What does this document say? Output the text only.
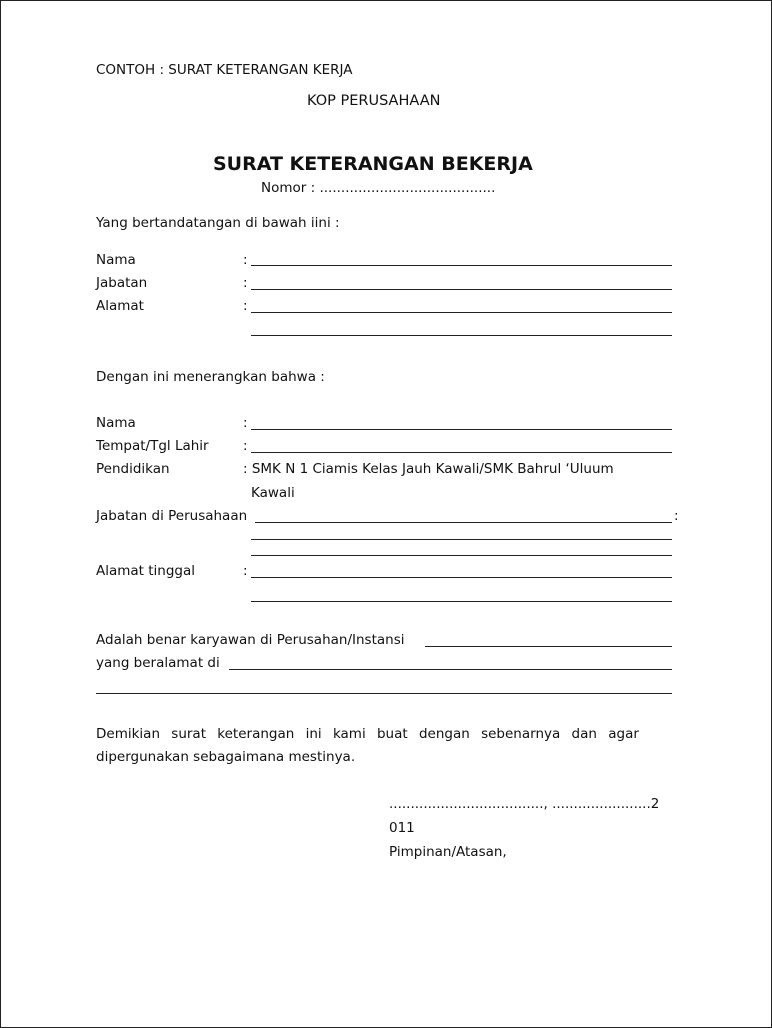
CONTOH : SURAT KETERANGAN KERJA
KOP PERUSAHAAN
SURAT KETERANGAN BEKERJA
Nomor : .........................................
Yang bertandatangan di bawah iini :
Nama	:
Jabatan	:
Alamat	:
Dengan ini menerangkan bahwa :
Nama	:
Tempat/Tgl Lahir	:
Pendidikan	: SMK N 1 Ciamis Kelas Jauh Kawali/SMK Bahrul ‘Uluum
Kawali
Jabatan di Perusahaan	:
Alamat tinggal	:
Adalah benar karyawan di Perusahan/Instansi
yang beralamat di
Demikian surat keterangan ini kami buat dengan sebenarnya dan agar
dipergunakan sebagaimana mestinya.
...................................., .......................2
011
Pimpinan/Atasan,
